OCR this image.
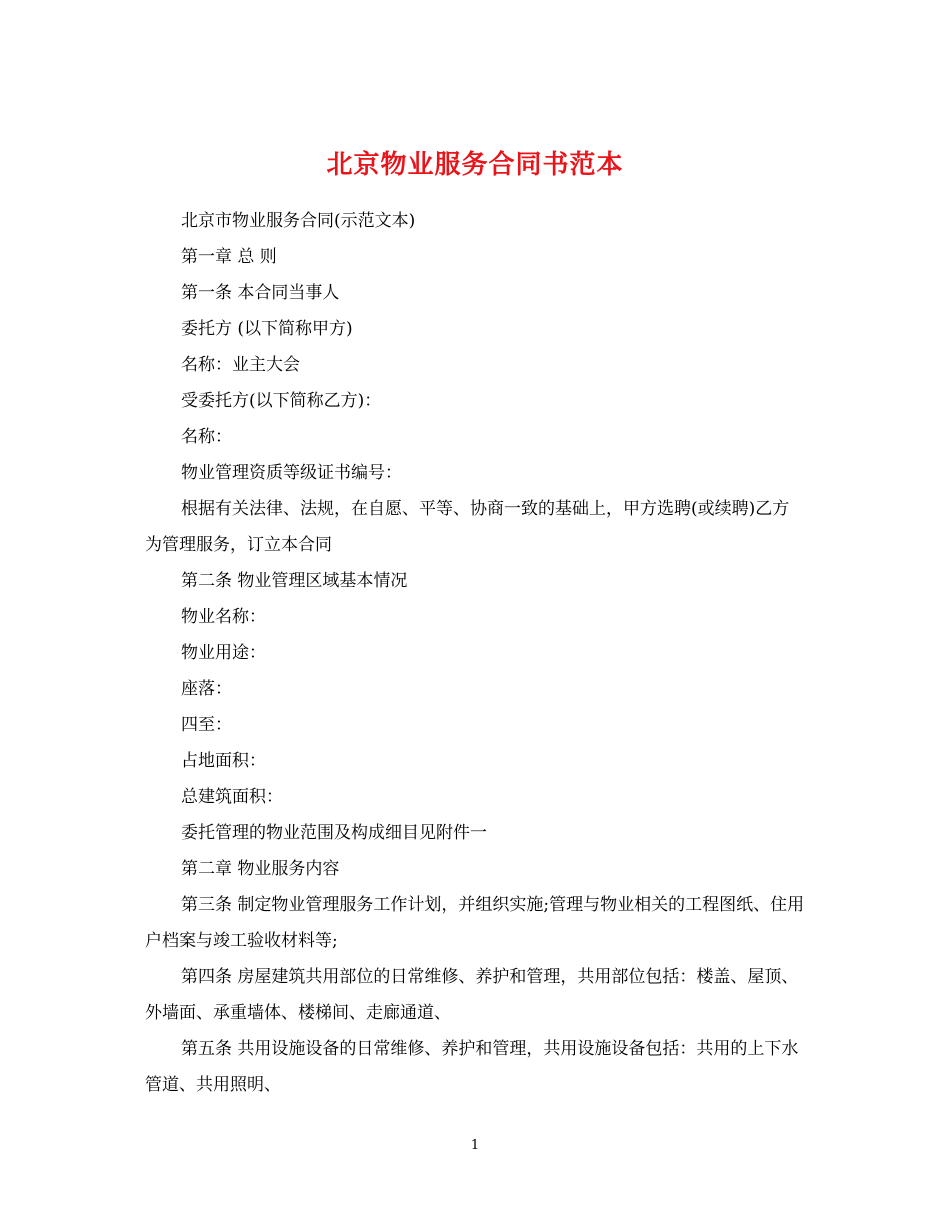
北京物业服务合同书范本

北京市物业服务合同(示范文本)

第一章 总 则

第一条 本合同当事人

委托方 (以下简称甲方)

名称：业主大会

受委托方(以下简称乙方)：

名称：

物业管理资质等级证书编号：

根据有关法律、法规，在自愿、平等、协商一致的基础上，甲方选聘(或续聘)乙方为管理服务，订立本合同

第二条 物业管理区域基本情况

物业名称：

物业用途：

座落：

四至：

占地面积：

总建筑面积：

委托管理的物业范围及构成细目见附件一

第二章 物业服务内容

第三条 制定物业管理服务工作计划，并组织实施;管理与物业相关的工程图纸、住用户档案与竣工验收材料等;

第四条 房屋建筑共用部位的日常维修、养护和管理，共用部位包括：楼盖、屋顶、外墙面、承重墙体、楼梯间、走廊通道、

第五条 共用设施设备的日常维修、养护和管理，共用设施设备包括：共用的上下水管道、共用照明、

1
